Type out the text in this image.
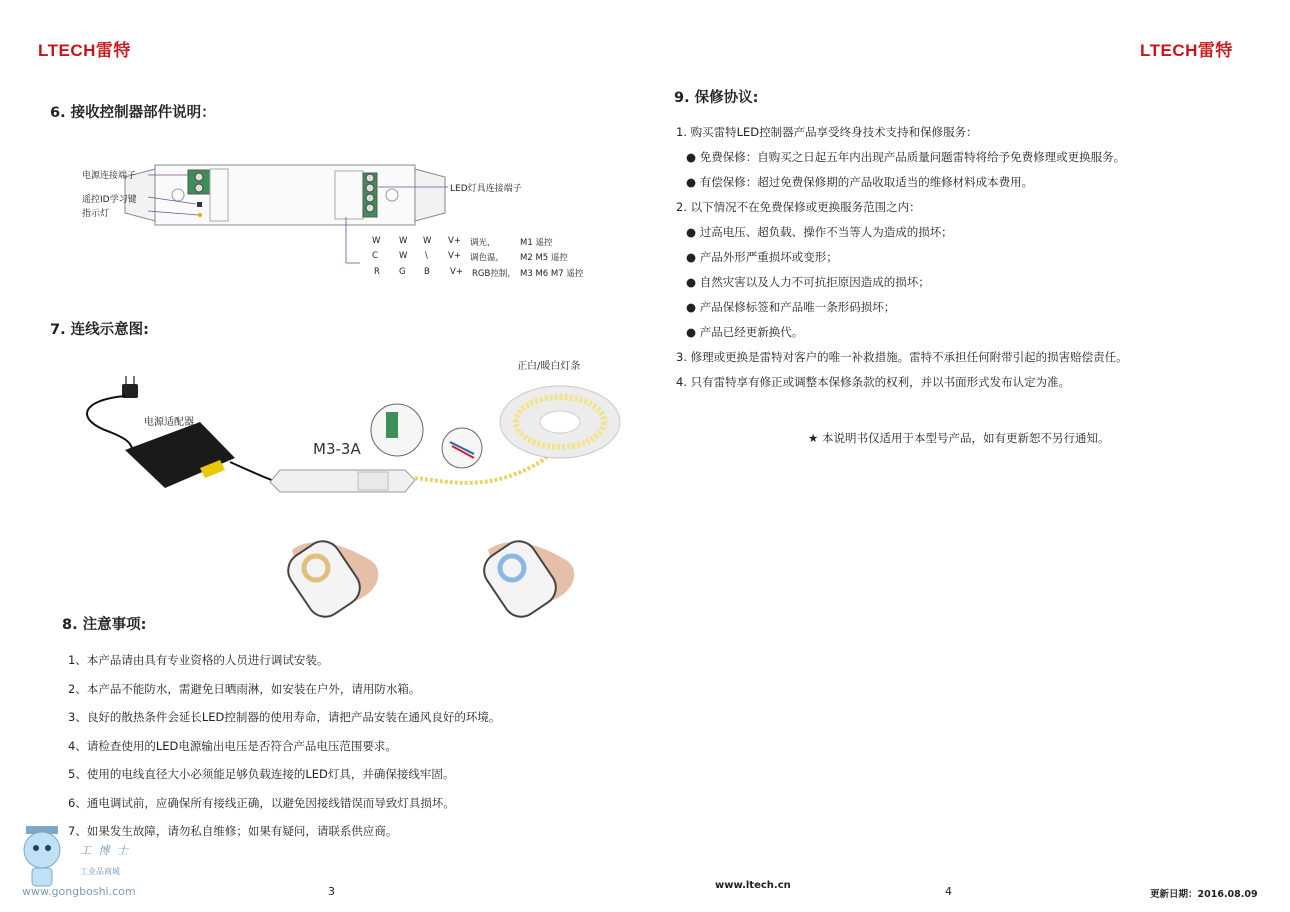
LTECH雷特	LTECH雷特
6. 接收控制器部件说明：
电源连接端子
遥控ID学习键
指示灯
LED灯具连接端子
W W W V+ 调光，	M1 遥控
C W \ V+ 调色温， M2 M5 遥控
R G B V+ RGB控制， M3 M6 M7 遥控
7. 连线示意图:
电源适配器
M3-3A
正白/暖白灯条
8. 注意事项:
1、本产品请由具有专业资格的人员进行调试安装。
2、本产品不能防水，需避免日晒雨淋，如安装在户外，请用防水箱。
3、良好的散热条件会延长LED控制器的使用寿命，请把产品安装在通风良好的环境。
4、请检查使用的LED电源输出电压是否符合产品电压范围要求。
5、使用的电线直径大小必须能足够负载连接的LED灯具，并确保接线牢固。
6、通电调试前，应确保所有接线正确，以避免因接线错误而导致灯具损坏。
7、如果发生故障，请勿私自维修；如果有疑问，请联系供应商。
9. 保修协议:
1. 购买雷特LED控制器产品享受终身技术支持和保修服务：
● 免费保修：自购买之日起五年内出现产品质量问题雷特将给予免费修理或更换服务。
● 有偿保修：超过免费保修期的产品收取适当的维修材料成本费用。
2. 以下情况不在免费保修或更换服务范围之内：
● 过高电压、超负载、操作不当等人为造成的损坏；
● 产品外形严重损坏或变形；
● 自然灾害以及人力不可抗拒原因造成的损坏；
● 产品保修标签和产品唯一条形码损坏；
● 产品已经更新换代。
3. 修理或更换是雷特对客户的唯一补救措施。雷特不承担任何附带引起的损害赔偿责任。
4. 只有雷特享有修正或调整本保修条款的权利，并以书面形式发布认定为准。
★ 本说明书仅适用于本型号产品，如有更新恕不另行通知。
工 博 士
工业品商城
www.gongboshi.com	3	www.ltech.cn	4	更新日期：2016.08.09
